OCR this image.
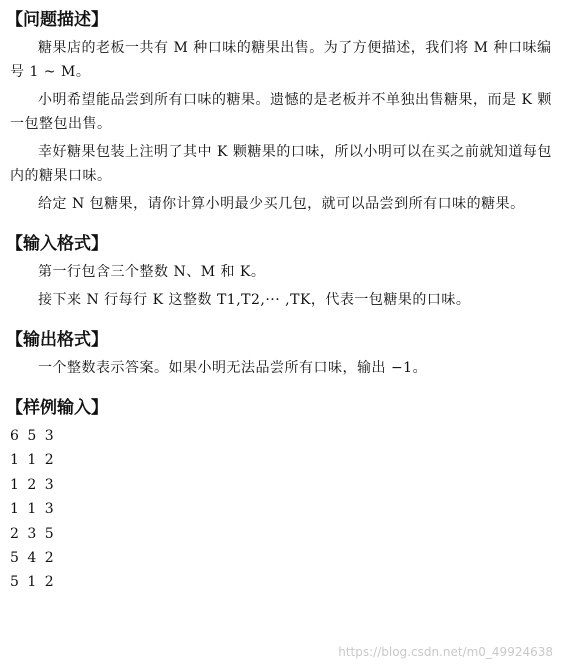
【问题描述】

糖果店的老板一共有 M 种口味的糖果出售。为了方便描述，我们将 M 种口味编号 1 ~ M。

小明希望能品尝到所有口味的糖果。遗憾的是老板并不单独出售糖果，而是 K 颗一包整包出售。

幸好糖果包装上注明了其中 K 颗糖果的口味，所以小明可以在买之前就知道每包内的糖果口味。

给定 N 包糖果，请你计算小明最少买几包，就可以品尝到所有口味的糖果。

【输入格式】

第一行包含三个整数 N、M 和 K。

接下来 N 行每行 K 这整数 T1,T2,··· ,TK，代表一包糖果的口味。

【输出格式】

一个整数表示答案。如果小明无法品尝所有口味，输出 −1。

【样例输入】
6 5 3
1 1 2
1 2 3
1 1 3
2 3 5
5 4 2
5 1 2
https://blog.csdn.net/m0_49924638
